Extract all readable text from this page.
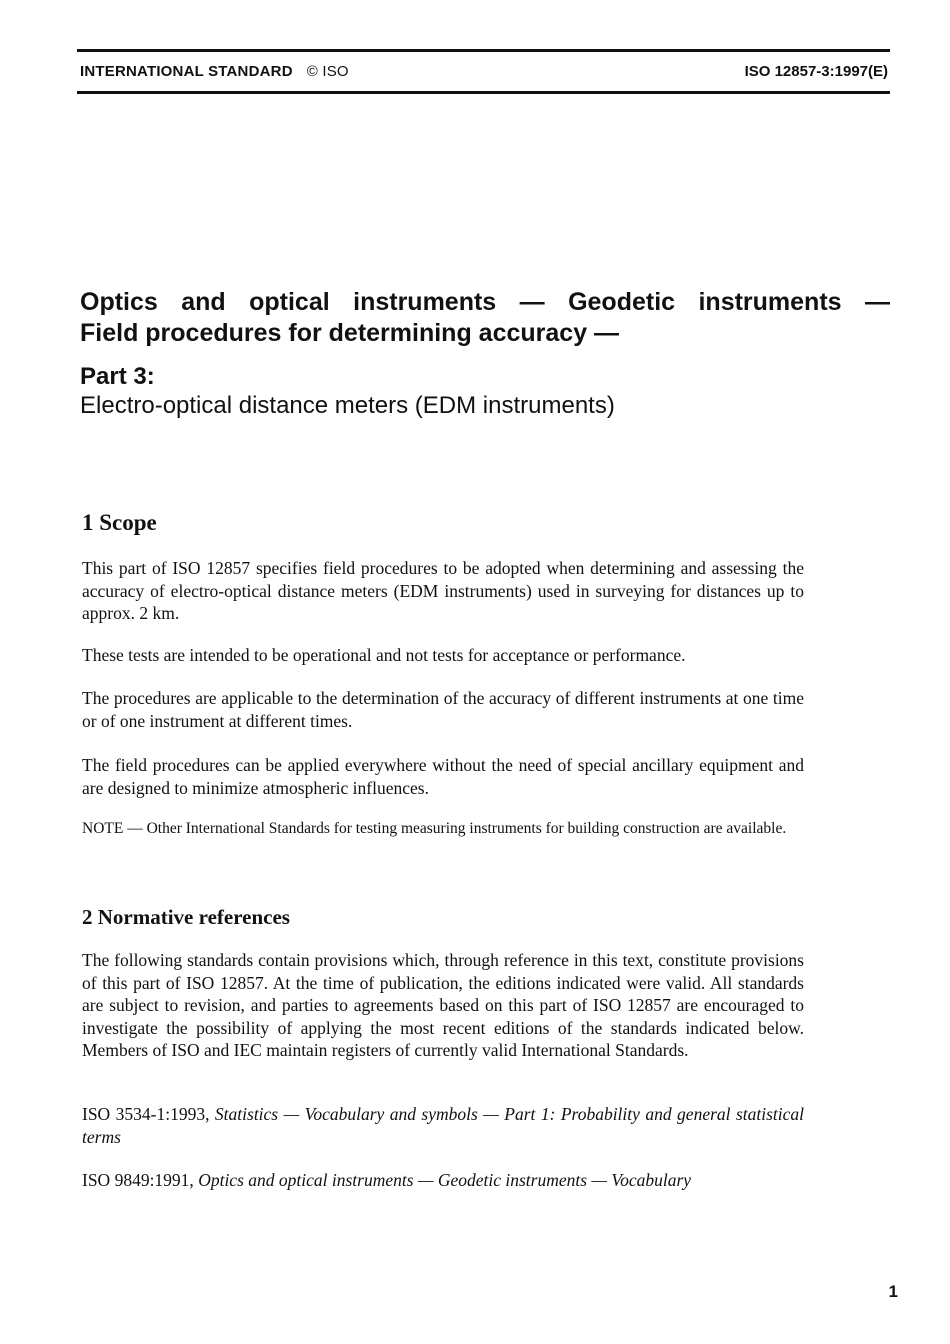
INTERNATIONAL STANDARD © ISO	ISO 12857-3:1997(E)
Optics and optical instruments — Geodetic instruments —
Field procedures for determining accuracy —
Part 3:
Electro-optical distance meters (EDM instruments)
1 Scope
This part of ISO 12857 specifies field procedures to be adopted when determining and assessing the accuracy of electro-optical distance meters (EDM instruments) used in surveying for distances up to approx. 2 km.
These tests are intended to be operational and not tests for acceptance or performance.
The procedures are applicable to the determination of the accuracy of different instruments at one time or of one instrument at different times.
The field procedures can be applied everywhere without the need of special ancillary equipment and are designed to minimize atmospheric influences.
NOTE — Other International Standards for testing measuring instruments for building construction are available.
2 Normative references
The following standards contain provisions which, through reference in this text, constitute provisions of this part of ISO 12857. At the time of publication, the editions indicated were valid. All standards are subject to revision, and parties to agreements based on this part of ISO 12857 are encouraged to investigate the possibility of applying the most recent editions of the standards indicated below. Members of ISO and IEC maintain registers of currently valid International Standards.
ISO 3534-1:1993, Statistics — Vocabulary and symbols — Part 1: Probability and general statistical terms
ISO 9849:1991, Optics and optical instruments — Geodetic instruments — Vocabulary
1
